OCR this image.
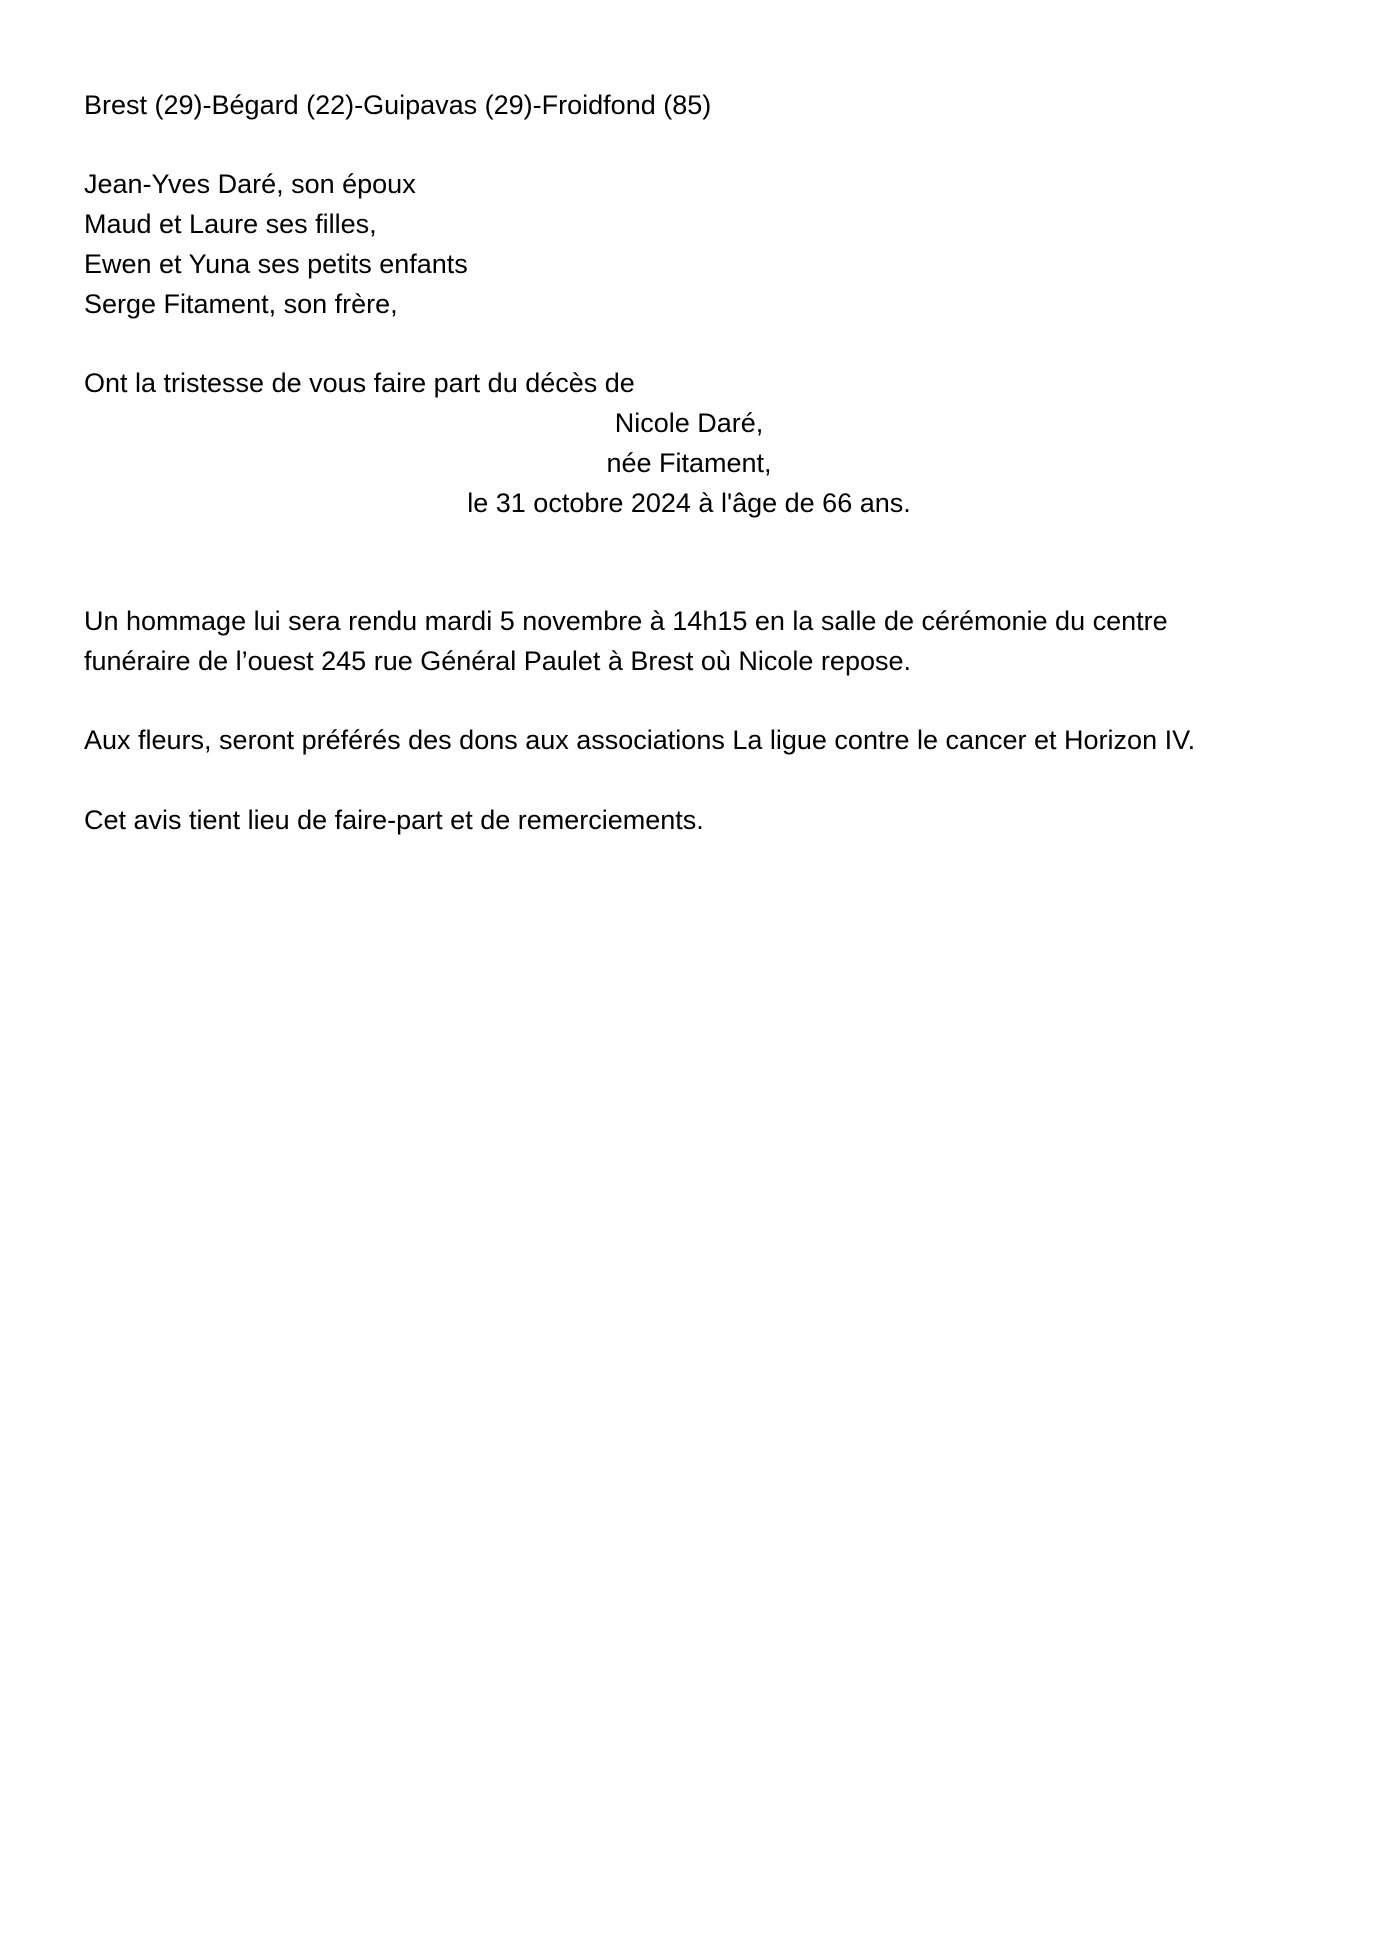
Brest (29)-Bégard (22)-Guipavas (29)-Froidfond (85)
Jean-Yves Daré, son époux
Maud et Laure ses filles,
Ewen et Yuna ses petits enfants
Serge Fitament, son frère,
Ont la tristesse de vous faire part du décès de
Nicole Daré,
née Fitament,
le 31 octobre 2024 à l'âge de 66 ans.
Un hommage lui sera rendu mardi 5 novembre à 14h15 en la salle de cérémonie du centre
funéraire de l’ouest 245 rue Général Paulet à Brest où Nicole repose.
Aux fleurs, seront préférés des dons aux associations La ligue contre le cancer et Horizon IV.
Cet avis tient lieu de faire-part et de remerciements.
